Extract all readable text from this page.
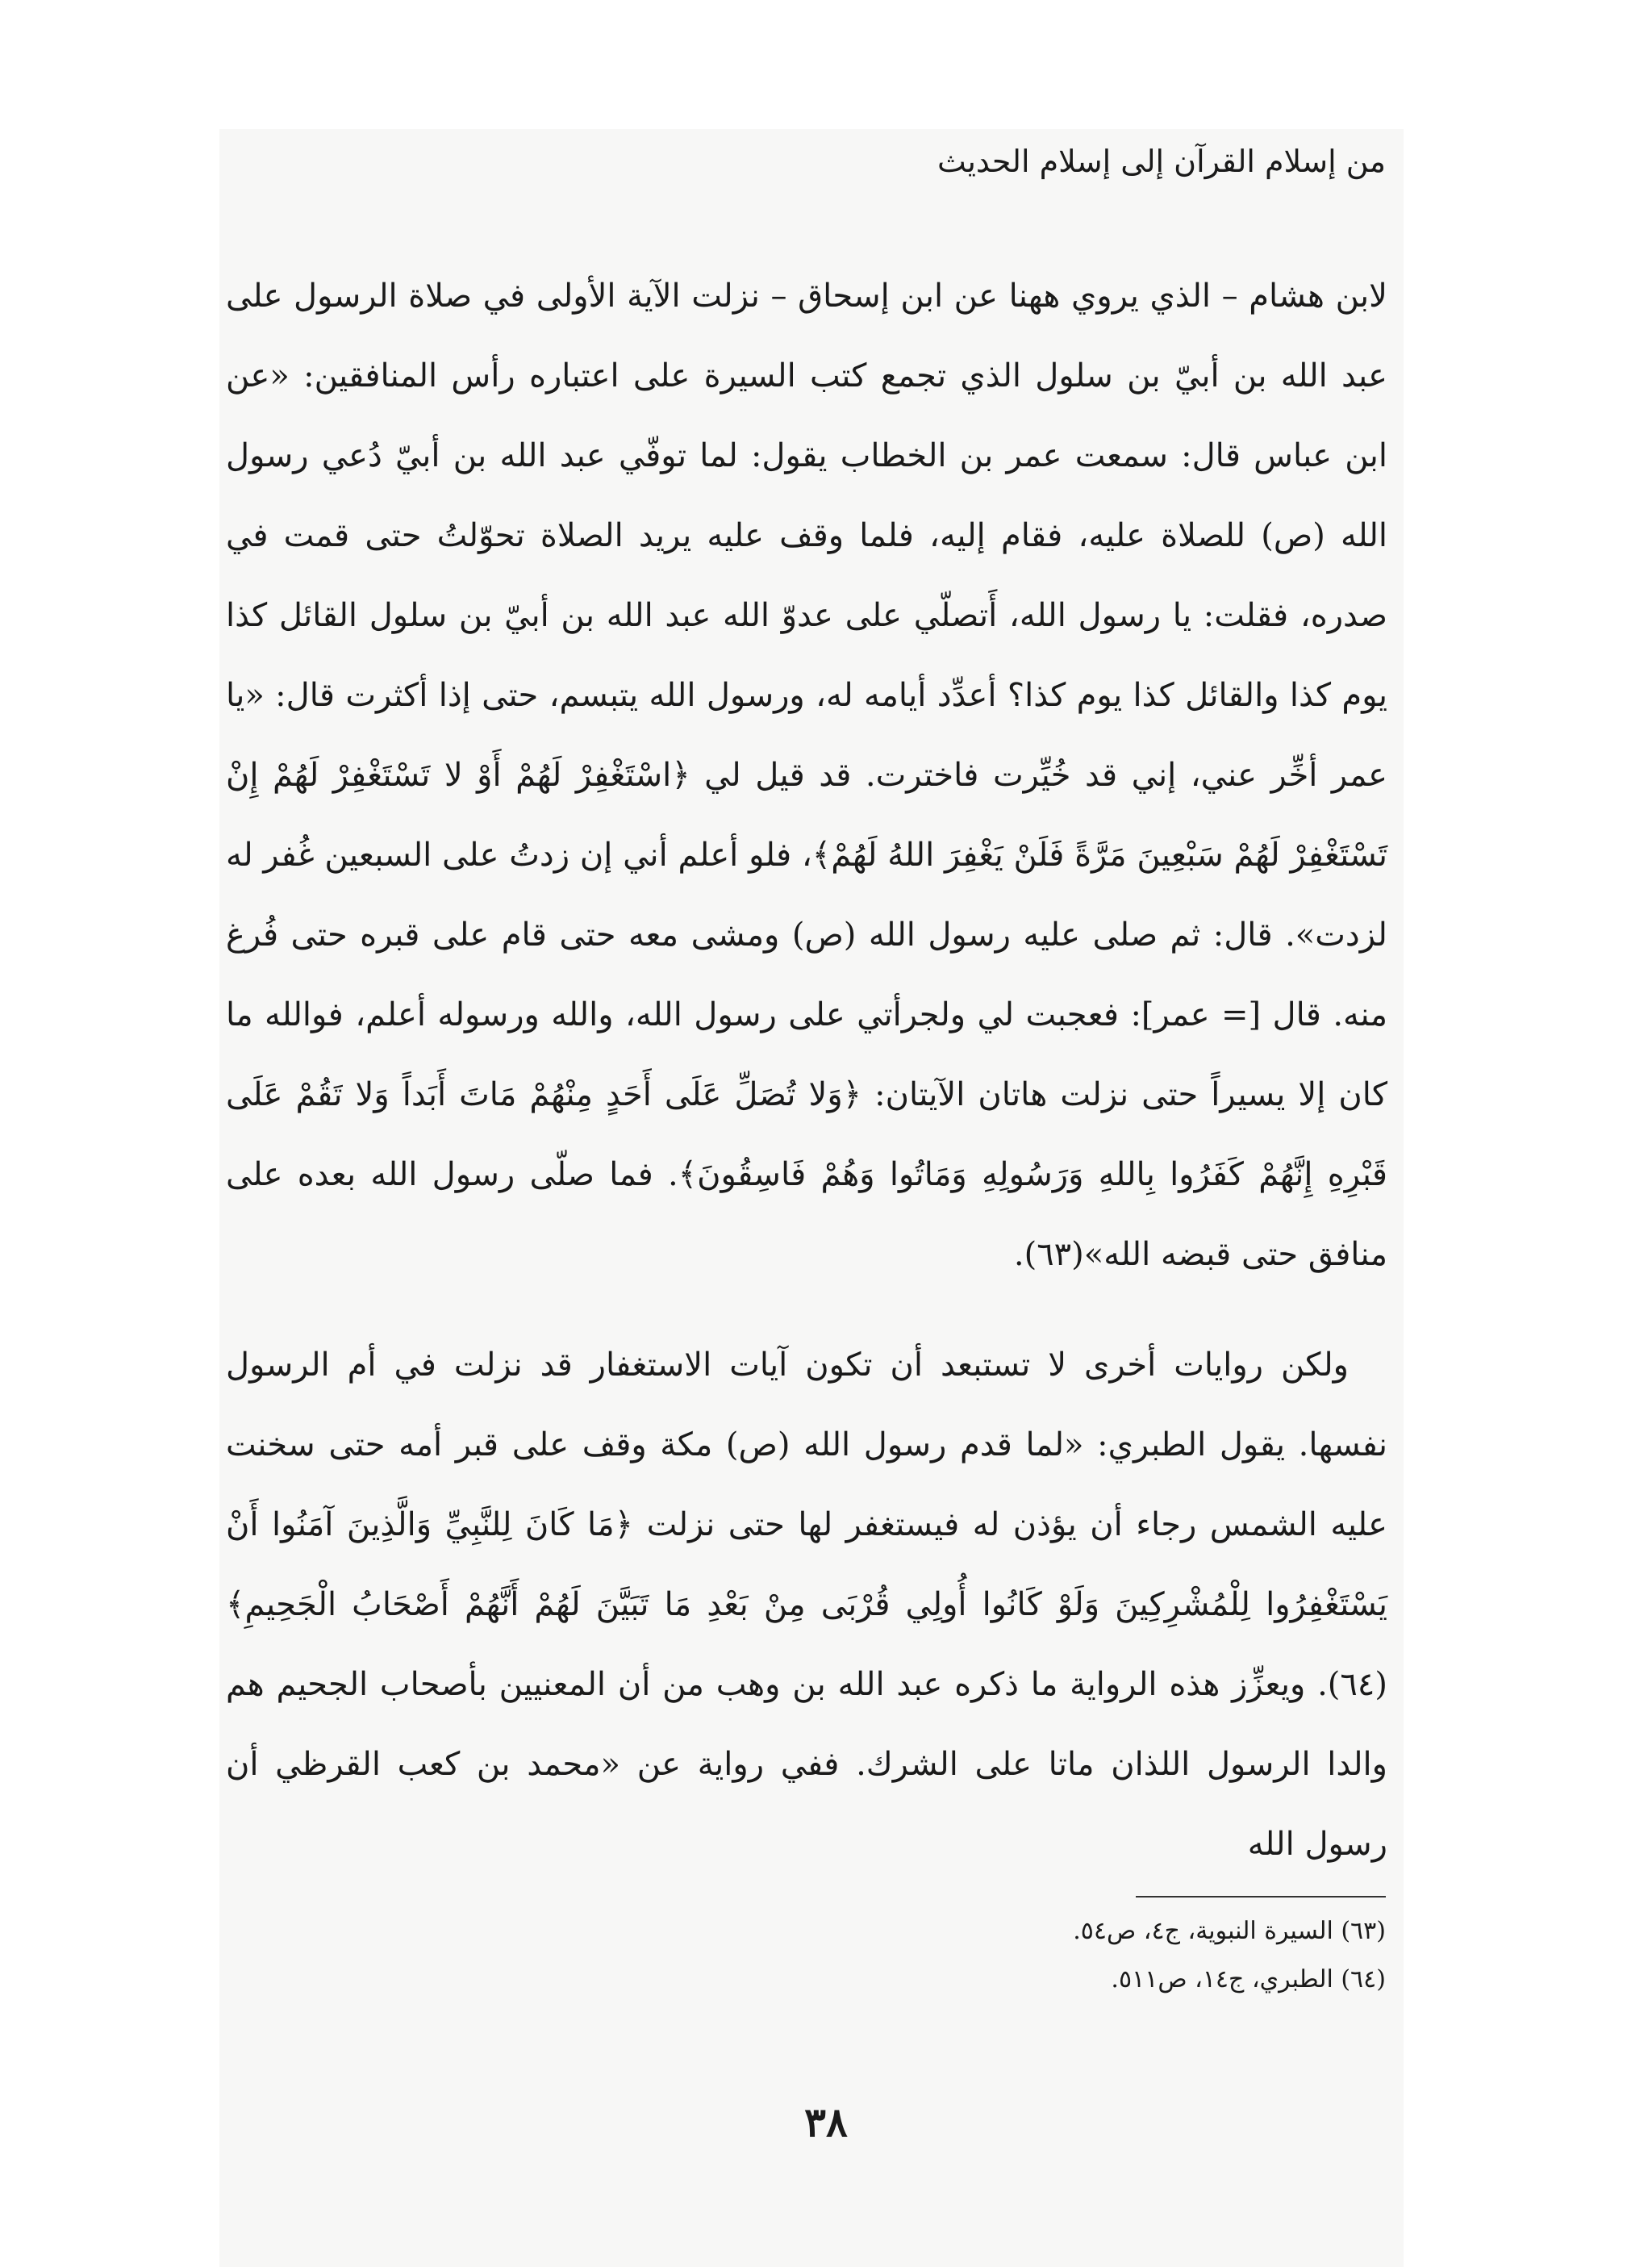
من إسلام القرآن إلى إسلام الحديث

لابن هشام – الذي يروي ههنا عن ابن إسحاق – نزلت الآية الأولى في صلاة الرسول على عبد الله بن أبيّ بن سلول الذي تجمع كتب السيرة على اعتباره رأس المنافقين: «عن ابن عباس قال: سمعت عمر بن الخطاب يقول: لما توفّي عبد الله بن أبيّ دُعي رسول الله (ص) للصلاة عليه، فقام إليه، فلما وقف عليه يريد الصلاة تحوّلتُ حتى قمت في صدره، فقلت: يا رسول الله، أَتصلّي على عدوّ الله عبد الله بن أبيّ بن سلول القائل كذا يوم كذا والقائل كذا يوم كذا؟ أعدِّد أيامه له، ورسول الله يتبسم، حتى إذا أكثرت قال: «يا عمر أخِّر عني، إني قد خُيِّرت فاخترت. قد قيل لي ﴿اسْتَغْفِرْ لَهُمْ أَوْ لا تَسْتَغْفِرْ لَهُمْ إِنْ تَسْتَغْفِرْ لَهُمْ سَبْعِينَ مَرَّةً فَلَنْ يَغْفِرَ اللهُ لَهُمْ﴾، فلو أعلم أني إن زدتُ على السبعين غُفر له لزدت». قال: ثم صلى عليه رسول الله (ص) ومشى معه حتى قام على قبره حتى فُرغ منه. قال [= عمر]: فعجبت لي ولجرأتي على رسول الله، والله ورسوله أعلم، فوالله ما كان إلا يسيراً حتى نزلت هاتان الآيتان: ﴿وَلا تُصَلِّ عَلَى أَحَدٍ مِنْهُمْ مَاتَ أَبَداً وَلا تَقُمْ عَلَى قَبْرِهِ إِنَّهُمْ كَفَرُوا بِاللهِ وَرَسُولِهِ وَمَاتُوا وَهُمْ فَاسِقُونَ﴾. فما صلّى رسول الله بعده على منافق حتى قبضه الله»(٦٣).

ولكن روايات أخرى لا تستبعد أن تكون آيات الاستغفار قد نزلت في أم الرسول نفسها. يقول الطبري: «لما قدم رسول الله (ص) مكة وقف على قبر أمه حتى سخنت عليه الشمس رجاء أن يؤذن له فيستغفر لها حتى نزلت ﴿مَا كَانَ لِلنَّبِيِّ وَالَّذِينَ آمَنُوا أَنْ يَسْتَغْفِرُوا لِلْمُشْرِكِينَ وَلَوْ كَانُوا أُولِي قُرْبَى مِنْ بَعْدِ مَا تَبَيَّنَ لَهُمْ أَنَّهُمْ أَصْحَابُ الْجَحِيمِ﴾(٦٤). ويعزِّز هذه الرواية ما ذكره عبد الله بن وهب من أن المعنيين بأصحاب الجحيم هم والدا الرسول اللذان ماتا على الشرك. ففي رواية عن «محمد بن كعب القرظي أن رسول الله

(٦٣) السيرة النبوية، ج٤، ص٥٤.
(٦٤) الطبري، ج١٤، ص٥١١.
٣٨
